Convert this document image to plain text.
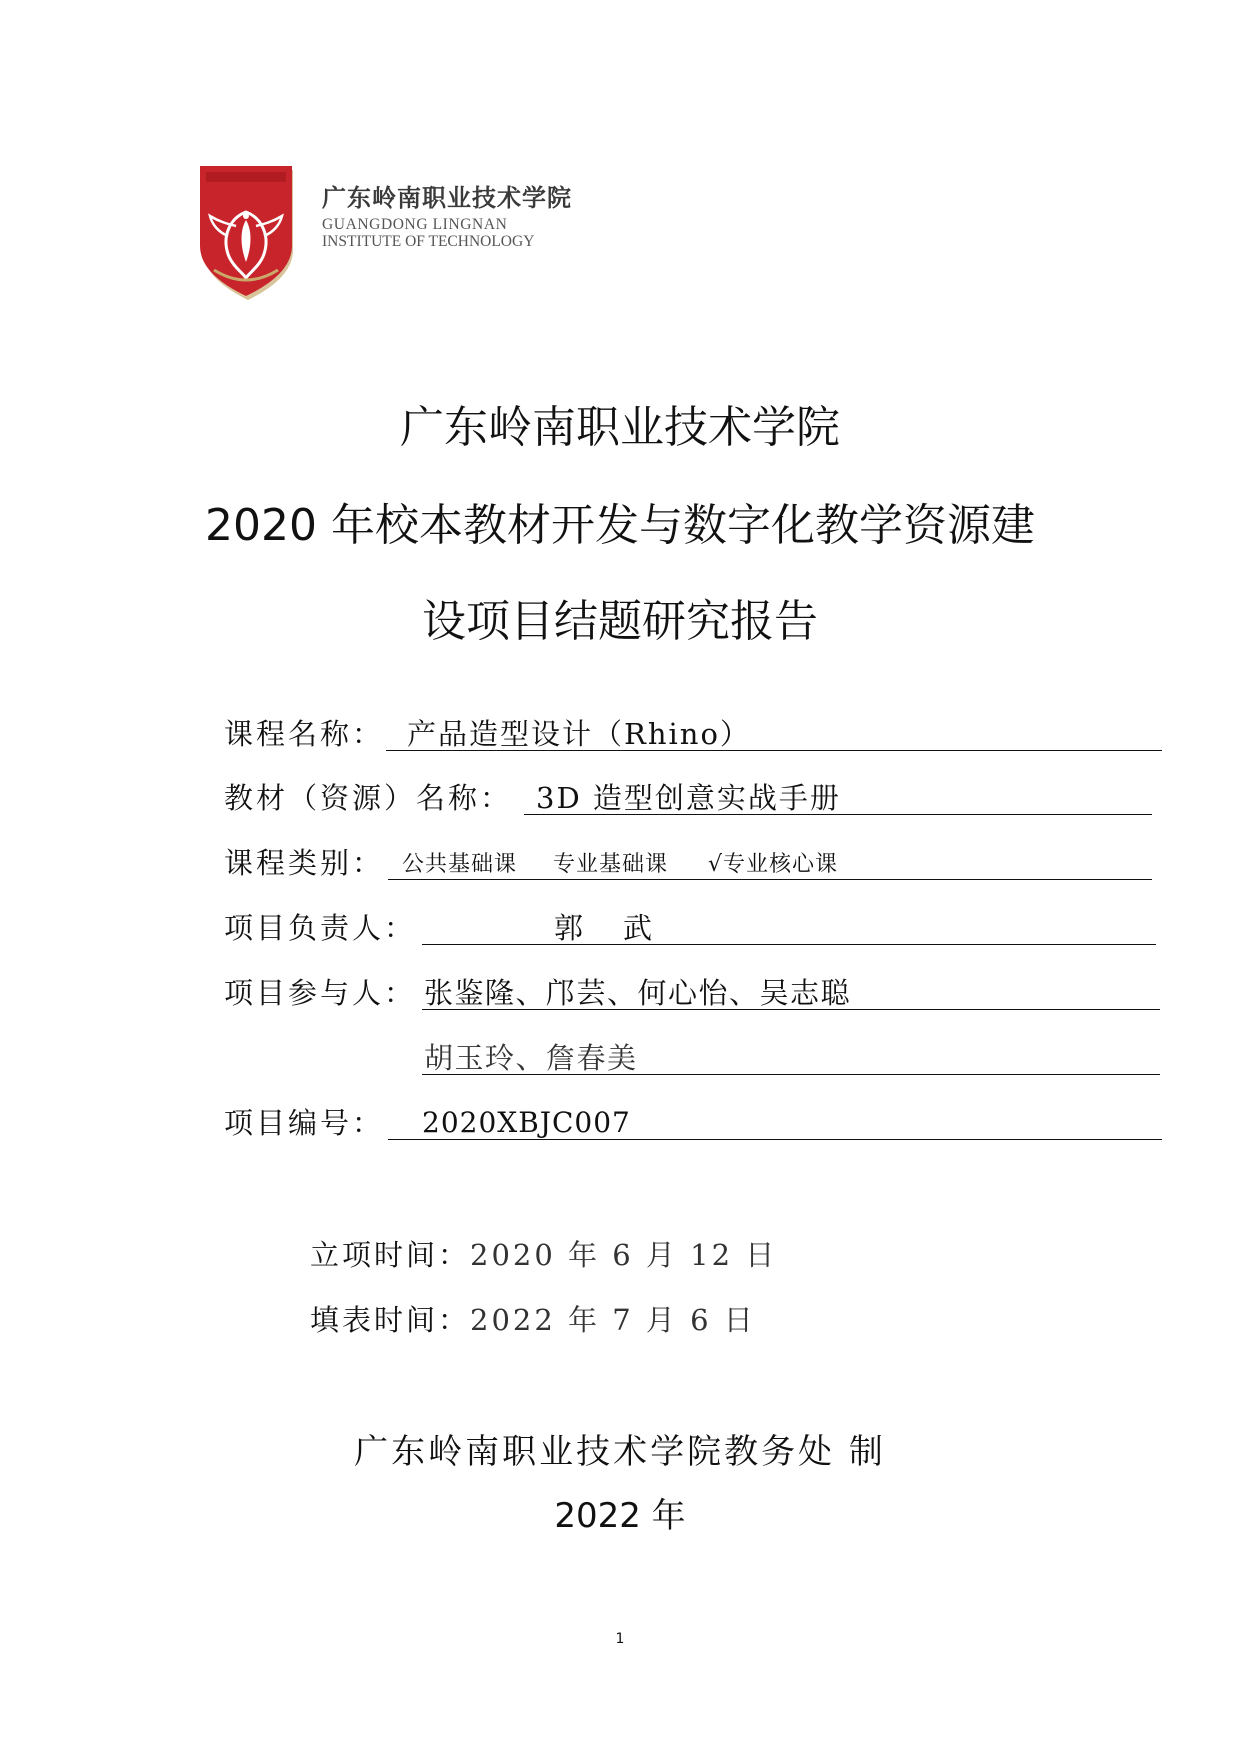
广东岭南职业技术学院
GUANGDONG LINGNAN
INSTITUTE OF TECHNOLOGY
广东岭南职业技术学院
2020 年校本教材开发与数字化教学资源建
设项目结题研究报告
课程名称： 产品造型设计（Rhino）
教材（资源）名称： 3D 造型创意实战手册
课程类别： 公共基础课 专业基础课 √专业核心课
项目负责人：	郭 武
项目参与人： 张鉴隆、邝芸、何心怡、吴志聪
胡玉玲、詹春美
项目编号： 2020XBJC007
立项时间：2020 年 6 月 12 日
填表时间：2022 年 7 月 6 日
广东岭南职业技术学院教务处 制
2022 年
1
